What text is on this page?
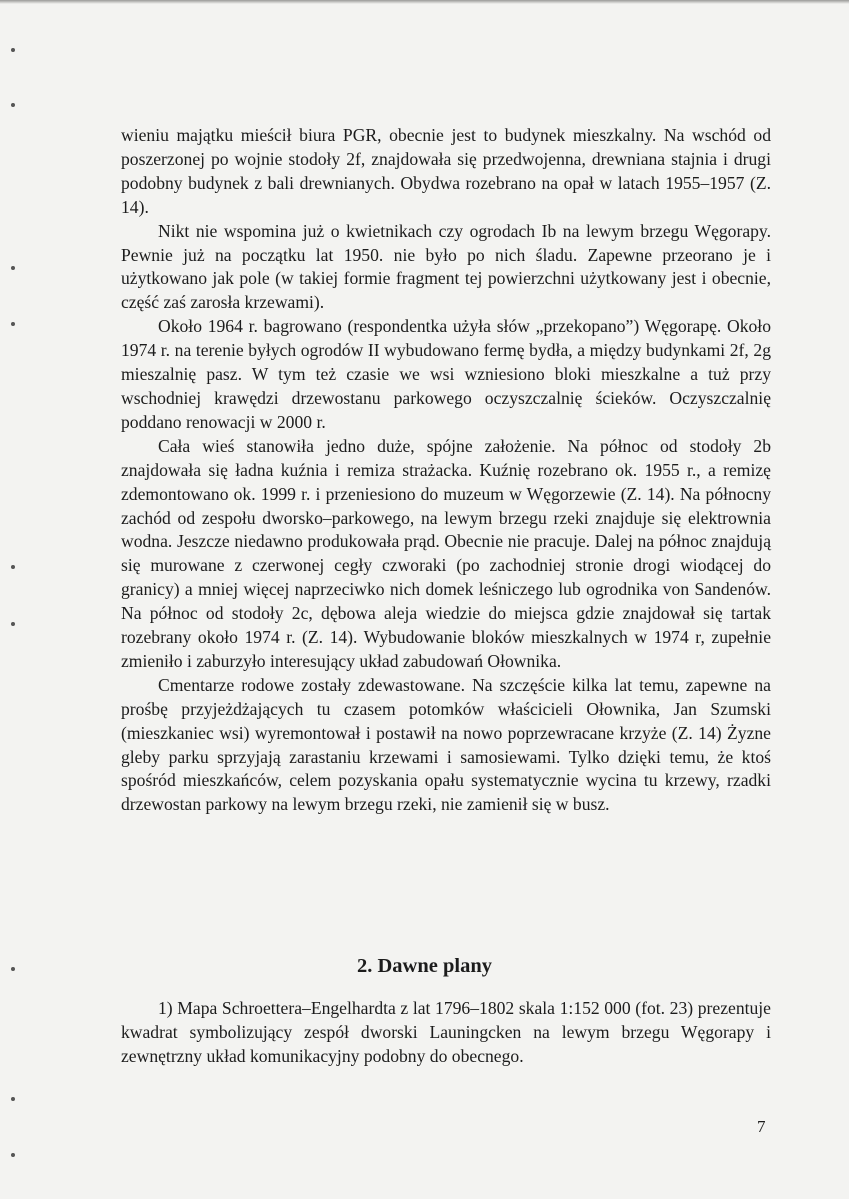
wieniu majątku mieścił biura PGR, obecnie jest to budynek mieszkalny. Na wschód od poszerzonej po wojnie stodoły 2f, znajdowała się przedwojenna, drewniana stajnia i drugi podobny budynek z bali drewnianych. Obydwa rozebrano na opał w latach 1955–1957 (Z. 14).

Nikt nie wspomina już o kwietnikach czy ogrodach Ib na lewym brzegu Węgorapy. Pewnie już na początku lat 1950. nie było po nich śladu. Zapewne przeorano je i użytkowano jak pole (w takiej formie fragment tej powierzchni użytkowany jest i obecnie, część zaś zarosła krzewami).

Około 1964 r. bagrowano (respondentka użyła słów „przekopano”) Węgorapę. Około 1974 r. na terenie byłych ogrodów II wybudowano fermę bydła, a między budynkami 2f, 2g mieszalnię pasz. W tym też czasie we wsi wzniesiono bloki mieszkalne a tuż przy wschodniej krawędzi drzewostanu parkowego oczyszczalnię ścieków. Oczyszczalnię poddano renowacji w 2000 r.

Cała wieś stanowiła jedno duże, spójne założenie. Na północ od stodoły 2b znajdowała się ładna kuźnia i remiza strażacka. Kuźnię rozebrano ok. 1955 r., a remizę zdemontowano ok. 1999 r. i przeniesiono do muzeum w Węgorzewie (Z. 14). Na północny zachód od zespołu dworsko–parkowego, na lewym brzegu rzeki znajduje się elektrownia wodna. Jeszcze niedawno produkowała prąd. Obecnie nie pracuje. Dalej na północ znajdują się murowane z czerwonej cegły czworaki (po zachodniej stronie drogi wiodącej do granicy) a mniej więcej naprzeciwko nich domek leśniczego lub ogrodnika von Sandenów. Na północ od stodoły 2c, dębowa aleja wiedzie do miejsca gdzie znajdował się tartak rozebrany około 1974 r. (Z. 14). Wybudowanie bloków mieszkalnych w 1974 r, zupełnie zmieniło i zaburzyło interesujący układ zabudowań Ołownika.

Cmentarze rodowe zostały zdewastowane. Na szczęście kilka lat temu, zapewne na prośbę przyjeżdżających tu czasem potomków właścicieli Ołownika, Jan Szumski (mieszkaniec wsi) wyremontował i postawił na nowo poprzewracane krzyże (Z. 14) Żyzne gleby parku sprzyjają zarastaniu krzewami i samosiewami. Tylko dzięki temu, że ktoś spośród mieszkańców, celem pozyskania opału systematycznie wycina tu krzewy, rzadki drzewostan parkowy na lewym brzegu rzeki, nie zamienił się w busz.

2. Dawne plany

1) Mapa Schroettera–Engelhardta z lat 1796–1802 skala 1:152 000 (fot. 23) prezentuje kwadrat symbolizujący zespół dworski Launingcken na lewym brzegu Węgorapy i zewnętrzny układ komunikacyjny podobny do obecnego.

7
